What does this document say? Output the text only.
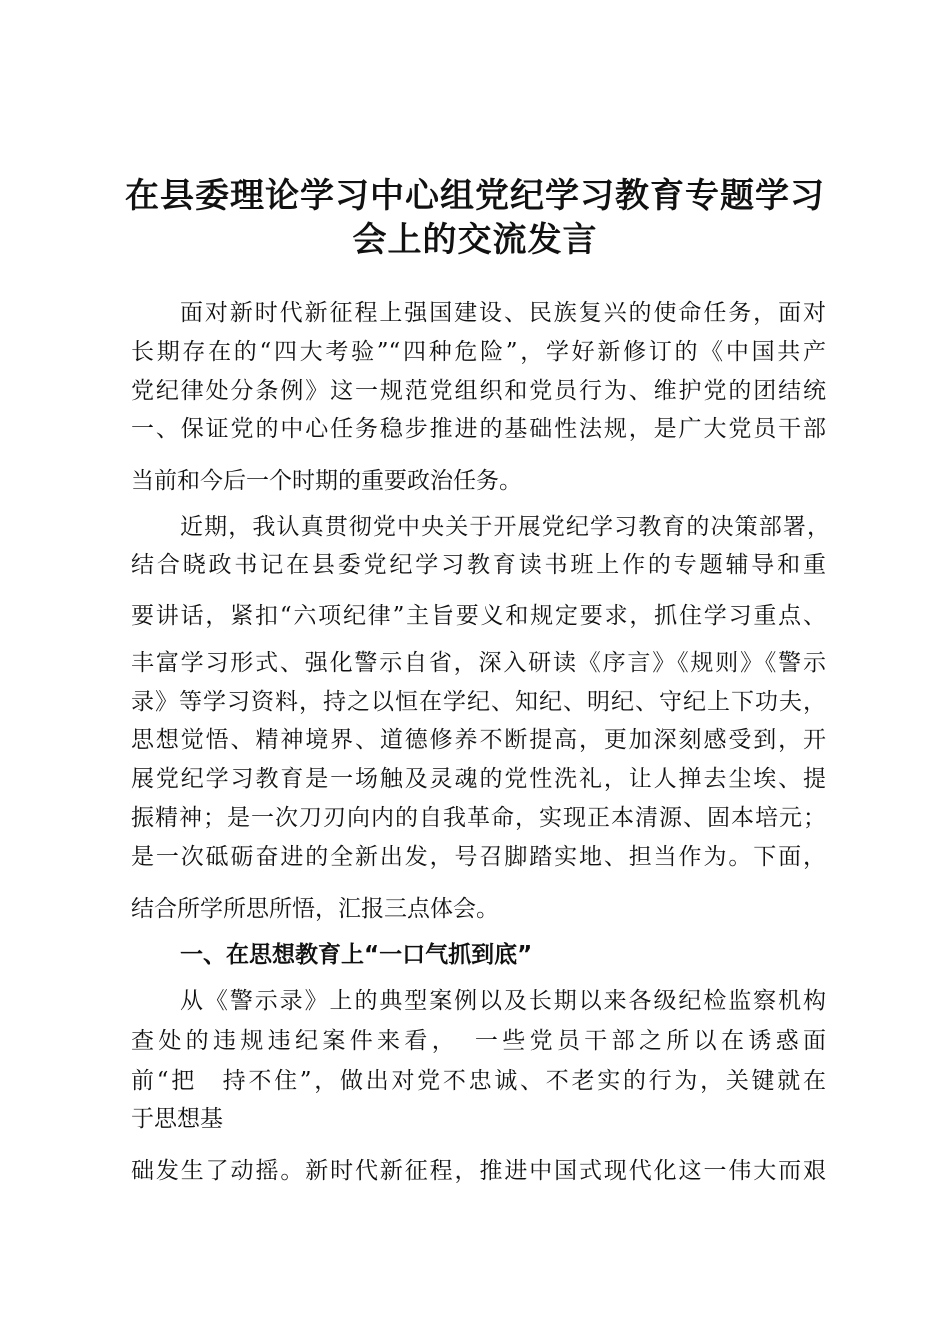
在县委理论学习中心组党纪学习教育专题学习
会上的交流发言
面对新时代新征程上强国建设、民族复兴的使命任务，面对
长期存在的“四大考验”“四种危险”，学好新修订的《中国共产
党纪律处分条例》这一规范党组织和党员行为、维护党的团结统
一、保证党的中心任务稳步推进的基础性法规，是广大党员干部
当前和今后一个时期的重要政治任务。
近期，我认真贯彻党中央关于开展党纪学习教育的决策部署，
结合晓政书记在县委党纪学习教育读书班上作的专题辅导和重
要讲话，紧扣“六项纪律”主旨要义和规定要求，抓住学习重点、
丰富学习形式、强化警示自省，深入研读《序言》《规则》《警示
录》等学习资料，持之以恒在学纪、知纪、明纪、守纪上下功夫，
思想觉悟、精神境界、道德修养不断提高，更加深刻感受到，开
展党纪学习教育是一场触及灵魂的党性洗礼，让人掸去尘埃、提
振精神；是一次刀刃向内的自我革命，实现正本清源、固本培元；
是一次砥砺奋进的全新出发，号召脚踏实地、担当作为。下面，
结合所学所思所悟，汇报三点体会。
一、在思想教育上“一口气抓到底”
从《警示录》上的典型案例以及长期以来各级纪检监察机构
查处的违规违纪案件来看，　一些党员干部之所以在诱惑面
前“把　持不住”，做出对党不忠诚、不老实的行为，关键就在
于思想基
础发生了动摇。新时代新征程，推进中国式现代化这一伟大而艰
